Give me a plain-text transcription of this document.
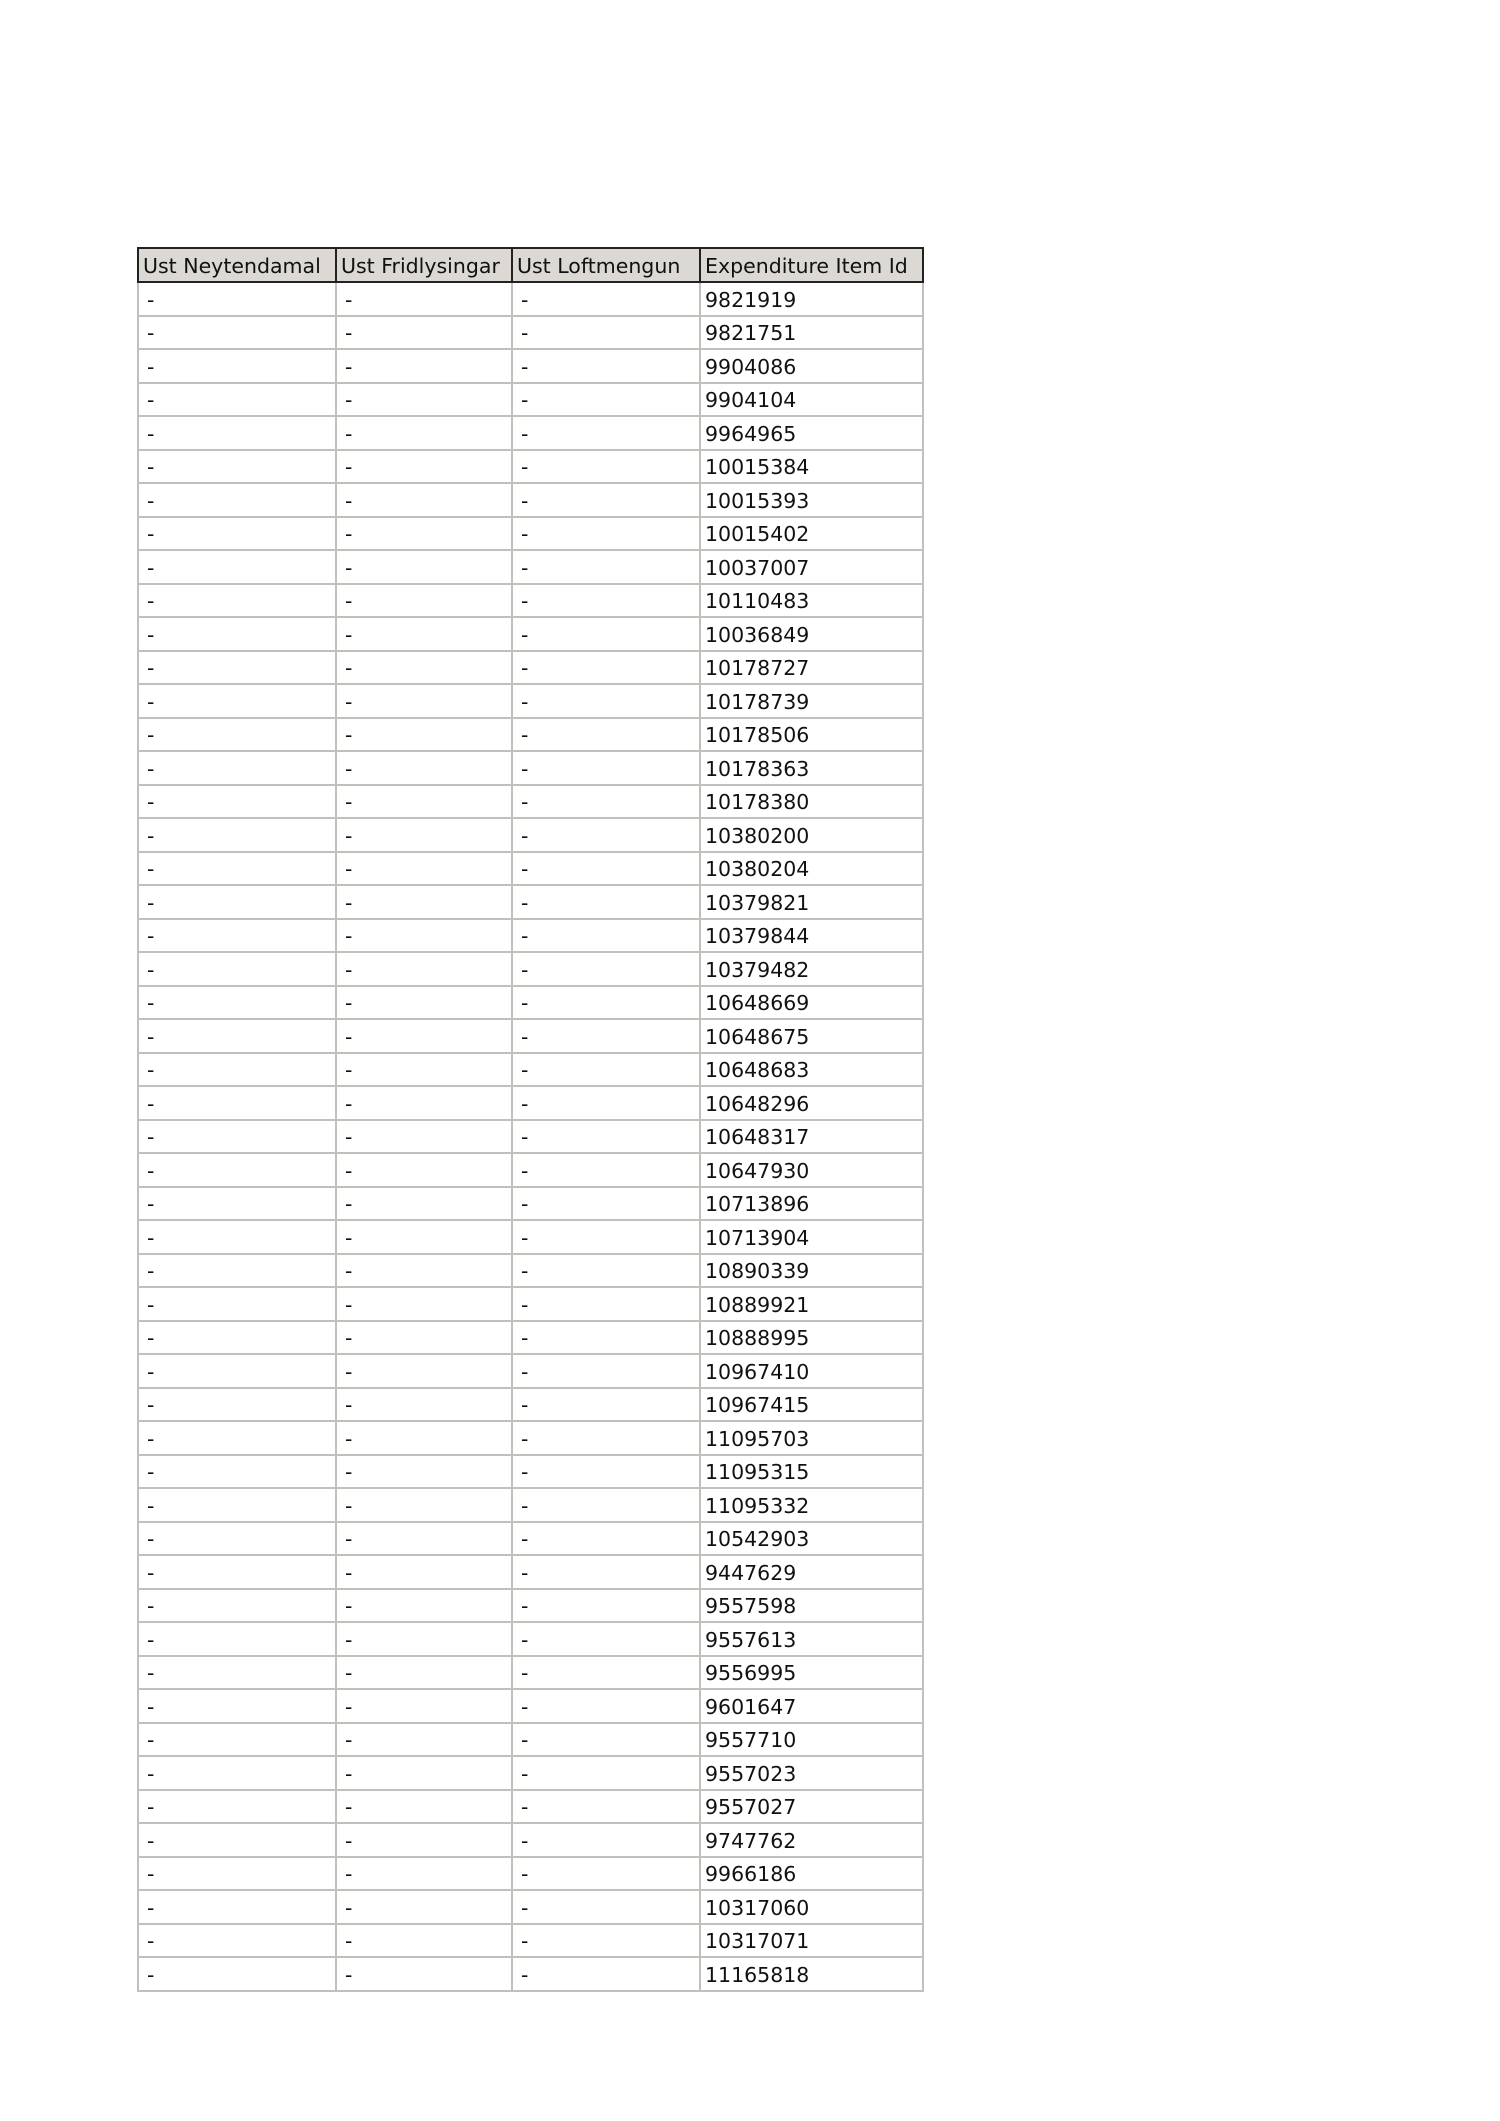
Ust Neytendamal	Ust Fridlysingar	Ust Loftmengun	Expenditure Item Id
-	-	-	9821919
-	-	-	9821751
-	-	-	9904086
-	-	-	9904104
-	-	-	9964965
-	-	-	10015384
-	-	-	10015393
-	-	-	10015402
-	-	-	10037007
-	-	-	10110483
-	-	-	10036849
-	-	-	10178727
-	-	-	10178739
-	-	-	10178506
-	-	-	10178363
-	-	-	10178380
-	-	-	10380200
-	-	-	10380204
-	-	-	10379821
-	-	-	10379844
-	-	-	10379482
-	-	-	10648669
-	-	-	10648675
-	-	-	10648683
-	-	-	10648296
-	-	-	10648317
-	-	-	10647930
-	-	-	10713896
-	-	-	10713904
-	-	-	10890339
-	-	-	10889921
-	-	-	10888995
-	-	-	10967410
-	-	-	10967415
-	-	-	11095703
-	-	-	11095315
-	-	-	11095332
-	-	-	10542903
-	-	-	9447629
-	-	-	9557598
-	-	-	9557613
-	-	-	9556995
-	-	-	9601647
-	-	-	9557710
-	-	-	9557023
-	-	-	9557027
-	-	-	9747762
-	-	-	9966186
-	-	-	10317060
-	-	-	10317071
-	-	-	11165818
